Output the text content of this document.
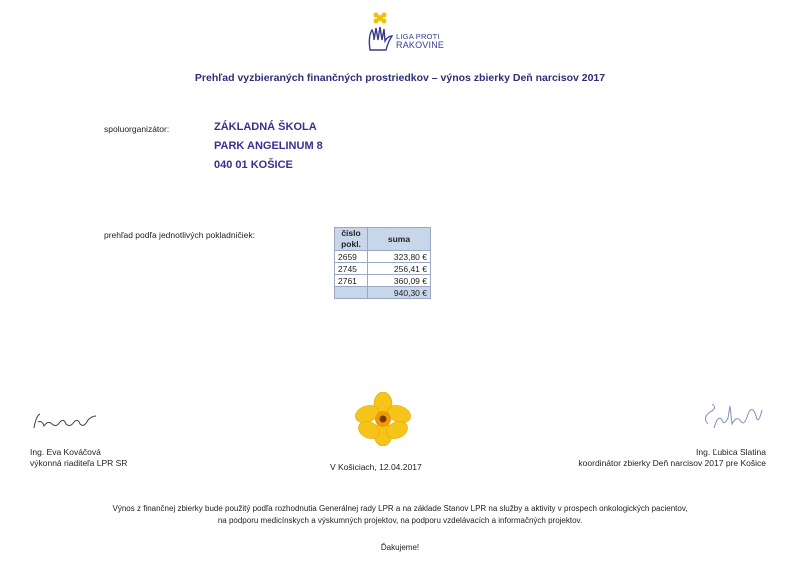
LIGA PROTI
RAKOVINE
Prehľad vyzbieraných finančných prostriedkov – výnos zbierky Deň narcisov 2017
spoluorganizátor:	ZÁKLADNÁ ŠKOLA
PARK ANGELINUM 8
040 01 KOŠICE
prehľad podľa jednotlivých pokladničiek:	číslo
pokl.	suma
2659	323,80 €
2745	256,41 €
2761	360,09 €
	940,30 €
Ing. Eva Kováčová
výkonná riaditeľa LPR SR	V Košiciach, 12.04.2017
Ing. Ľubica Slatina
koordinátor zbierky Deň narcisov 2017 pre Košice
Výnos z finančnej zbierky bude použitý podľa rozhodnutia Generálnej rady LPR a na základe Stanov LPR na služby a aktivity v prospech onkologických pacientov,
na podporu medicínskych a výskumných projektov, na podporu vzdelávacích a informačných projektov.
Ďakujeme!
